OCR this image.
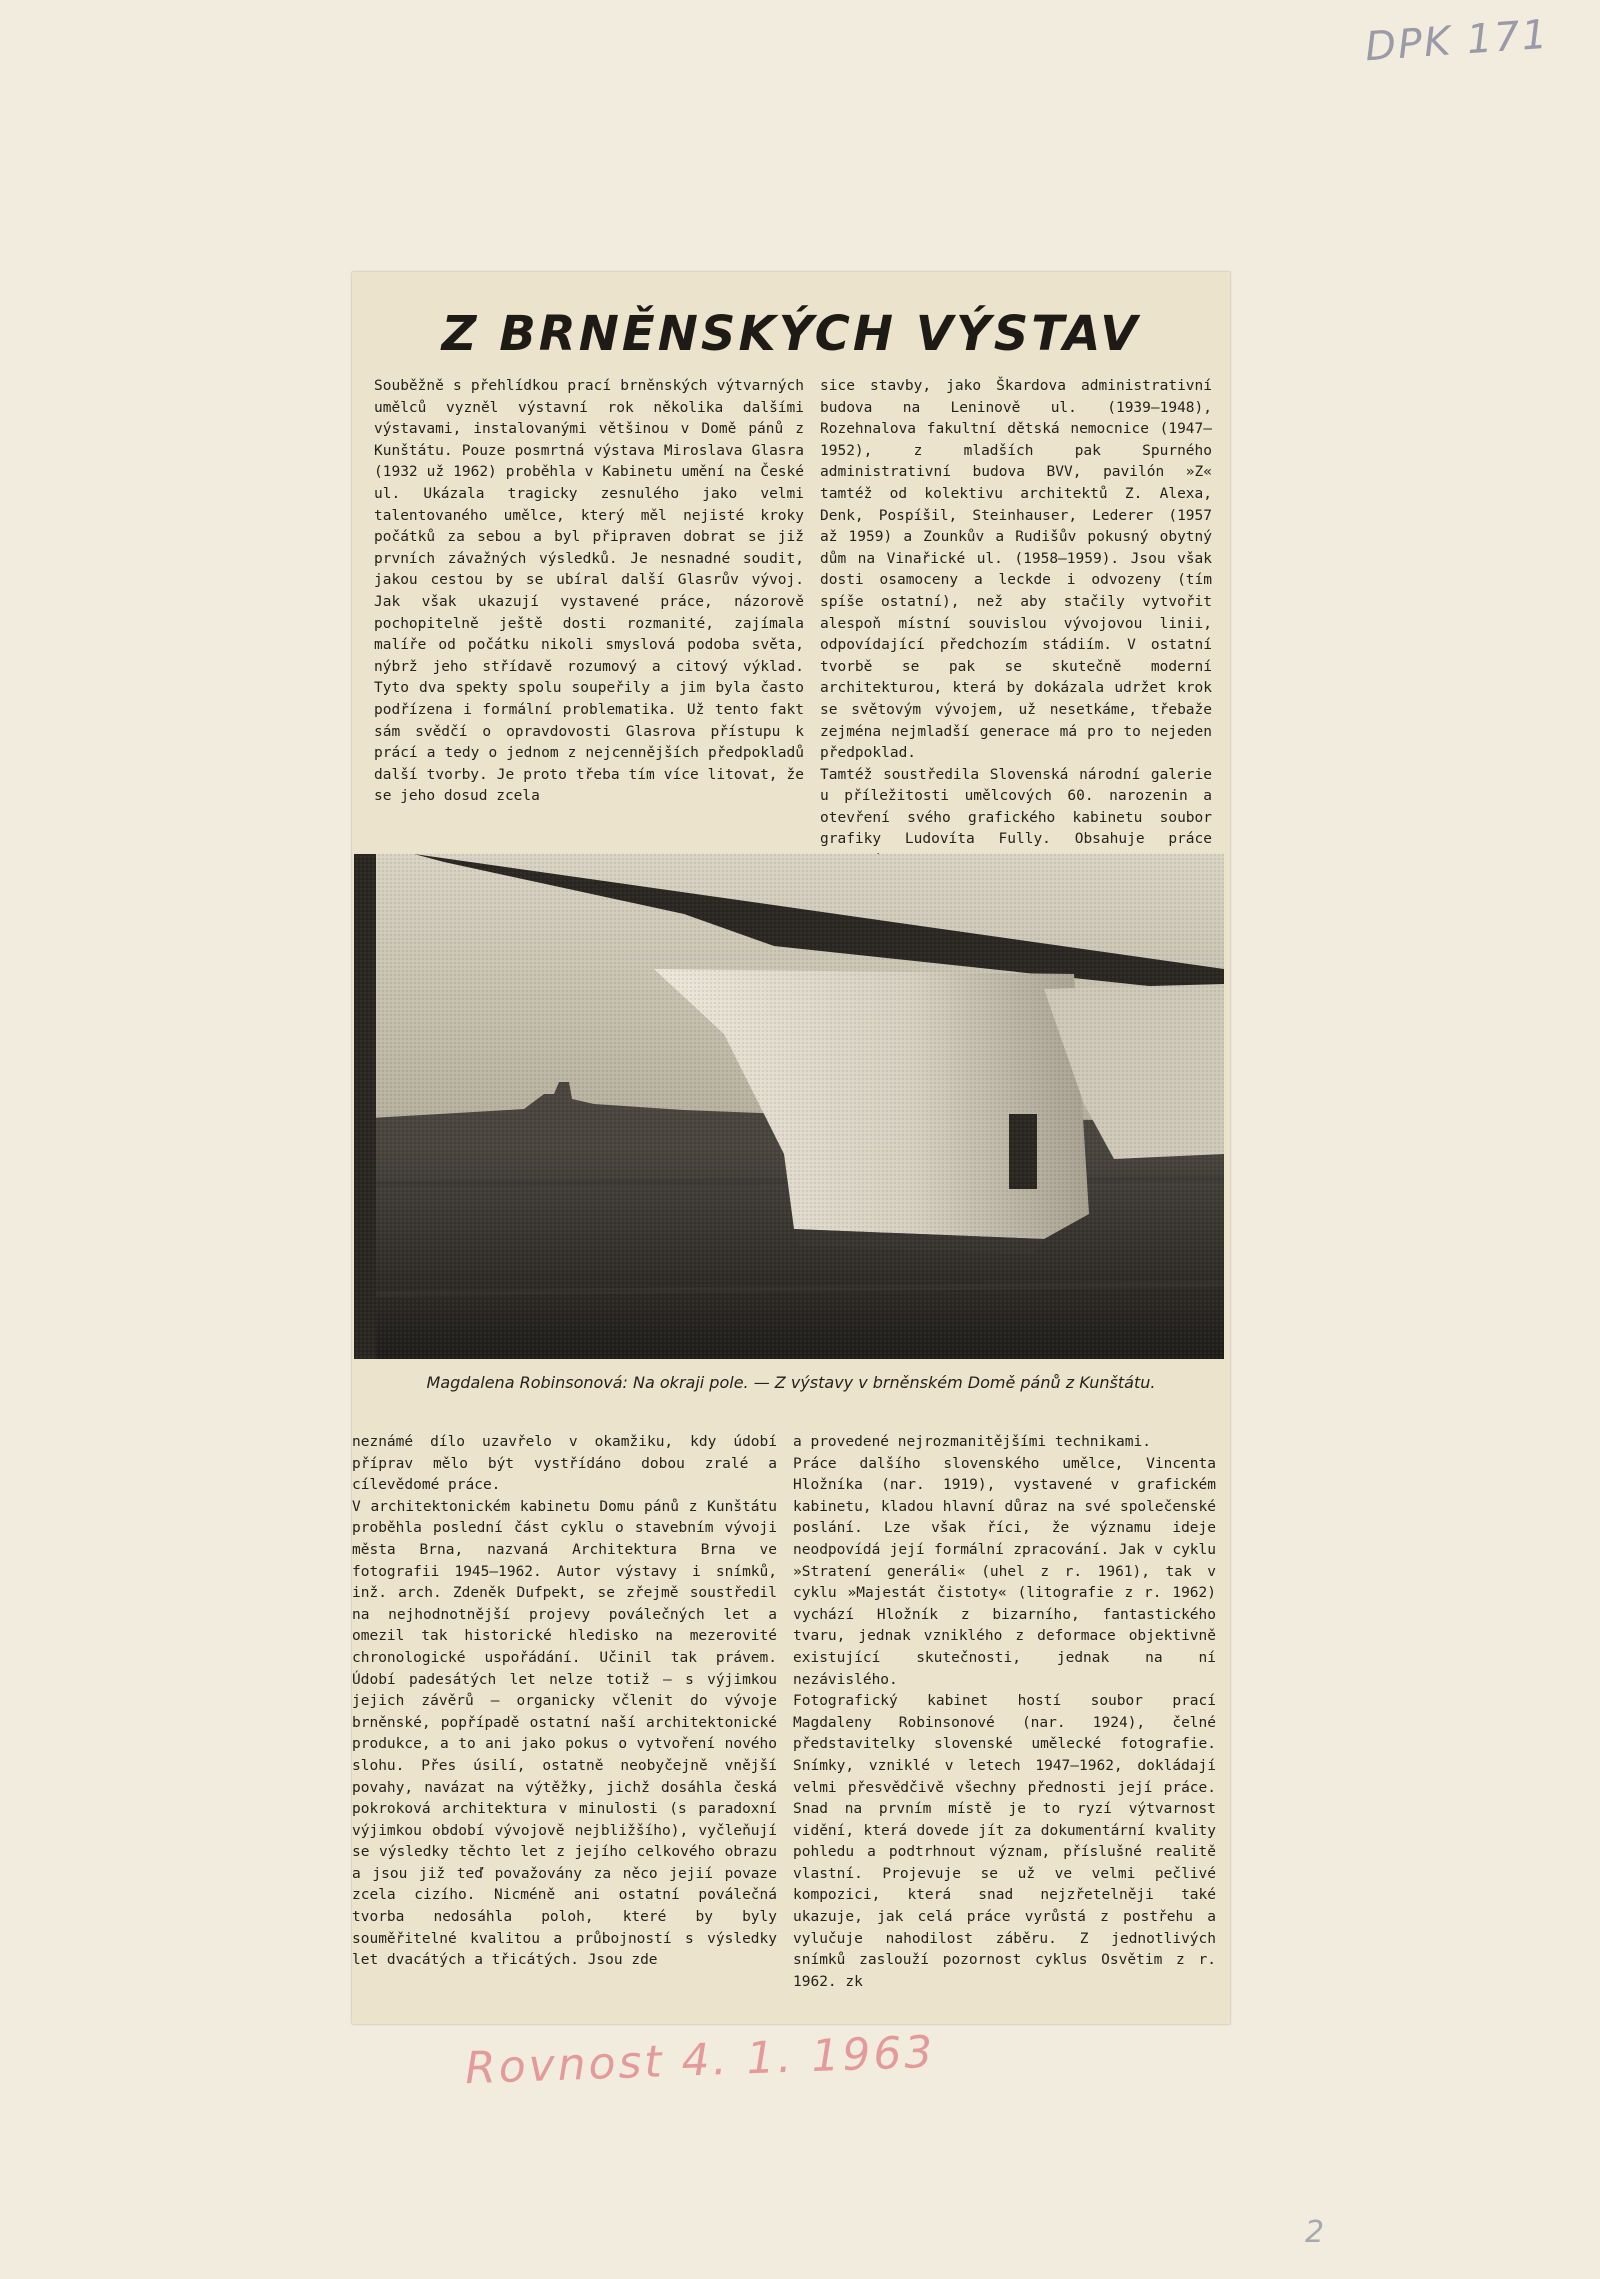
DPK 171
Z BRNĚNSKÝCH VÝSTAV
Souběžně s přehlídkou prací brněnských výtvarných umělců vyzněl výstavní rok několika dalšími výstavami, instalovanými většinou v Domě pánů z Kunštátu. Pouze posmrtná výstava Miroslava Glasra (1932 už 1962) proběhla v Kabinetu umění na České ul. Ukázala tragicky zesnulého jako velmi talentovaného umělce, který měl nejisté kroky počátků za sebou a byl připraven dobrat se již prvních závažných výsledků. Je nesnadné soudit, jakou cestou by se ubíral další Glasrův vývoj. Jak však ukazují vystavené práce, názorově pochopitelně ještě dosti rozmanité, zajímala malíře od počátku nikoli smyslová podoba světa, nýbrž jeho střídavě rozumový a citový výklad. Tyto dva spekty spolu soupeřily a jim byla často podřízena i formální problematika. Už tento fakt sám svědčí o opravdovosti Glasrova přístupu k prácí a tedy o jednom z nejcennějších předpokladů další tvorby. Je proto třeba tím více litovat, že se jeho dosud zcela
sice stavby, jako Škardova administrativní budova na Leninově ul. (1939—1948), Rozehnalova fakultní dětská nemocnice (1947—1952), z mladších pak Spurného administrativní budova BVV, pavilón »Z« tamtéž od kolektivu architektů Z. Alexa, Denk, Pospíšil, Steinhauser, Lederer (1957 až 1959) a Zounkův a Rudišův pokusný obytný dům na Vinařické ul. (1958—1959). Jsou však dosti osamoceny a leckde i odvozeny (tím spíše ostatní), než aby stačily vytvořit alespoň místní souvislou vývojovou linii, odpovídající předchozím stádiím. V ostatní tvorbě se pak se skutečně moderní architekturou, která by dokázala udržet krok se světovým vývojem, už nesetkáme, třebaže zejména nejmladší generace má pro to nejeden předpoklad.
Tamtéž soustředila Slovenská národní galerie u příležitosti umělcových 60. narozenin a otevření svého grafického kabinetu soubor grafiky Ludovíta Fully. Obsahuje práce
Magdalena Robinsonová: Na okraji pole. — Z výstavy v brněnském Domě pánů z Kunštátu.
neznámé dílo uzavřelo v okamžiku, kdy údobí příprav mělo být vystřídáno dobou zralé a cílevědomé práce.
V architektonickém kabinetu Domu pánů z Kunštátu proběhla poslední část cyklu o stavebním vývoji města Brna, nazvaná Architektura Brna ve fotografii 1945—1962. Autor výstavy i snímků, inž. arch. Zdeněk Dufpekt, se zřejmě soustředil na nejhodnotnější projevy poválečných let a omezil tak historické hledisko na mezerovité chronologické uspořádání. Učinil tak právem. Údobí padesátých let nelze totiž — s výjimkou jejich závěrů — organicky včlenit do vývoje brněnské, popřípadě ostatní naší architektonické produkce, a to ani jako pokus o vytvoření nového slohu. Přes úsilí, ostatně neobyčejně vnější povahy, navázat na výtěžky, jichž dosáhla česká pokroková architektura v minulosti (s paradoxní výjimkou období vývojově nejbližšího), vyčleňují se výsledky těchto let z jejího celkového obrazu a jsou již teď považovány za něco jejií povaze zcela cizího. Nicméně ani ostatní poválečná tvorba nedosáhla poloh, které by byly souměřitelné kvalitou a průbojností s výsledky let dvacátých a třicátých. Jsou zde
a provedené nejrozmanitějšími technikami.
Práce dalšího slovenského umělce, Vincenta Hložníka (nar. 1919), vystavené v grafickém kabinetu, kladou hlavní důraz na své společenské poslání. Lze však říci, že významu ideje neodpovídá její formální zpracování. Jak v cyklu »Stratení generáli« (uhel z r. 1961), tak v cyklu »Majestát čistoty« (litografie z r. 1962) vychází Hložník z bizarního, fantastického tvaru, jednak vzniklého z deformace objektivně existující skutečnosti, jednak na ní nezávislého.
Fotografický kabinet hostí soubor prací Magdaleny Robinsonové (nar. 1924), čelné představitelky slovenské umělecké fotografie. Snímky, vzniklé v letech 1947—1962, dokládají velmi přesvědčivě všechny přednosti její práce. Snad na prvním místě je to ryzí výtvarnost vidění, která dovede jít za dokumentární kvality pohledu a podtrhnout význam, příslušné realitě vlastní. Projevuje se už ve velmi pečlivé kompozici, která snad nejzřetelněji také ukazuje, jak celá práce vyrůstá z postřehu a vylučuje nahodilost záběru. Z jednotlivých snímků zaslouží pozornost cyklus Osvětim z r. 1962. zk
Rovnost 4. 1. 1963
2
